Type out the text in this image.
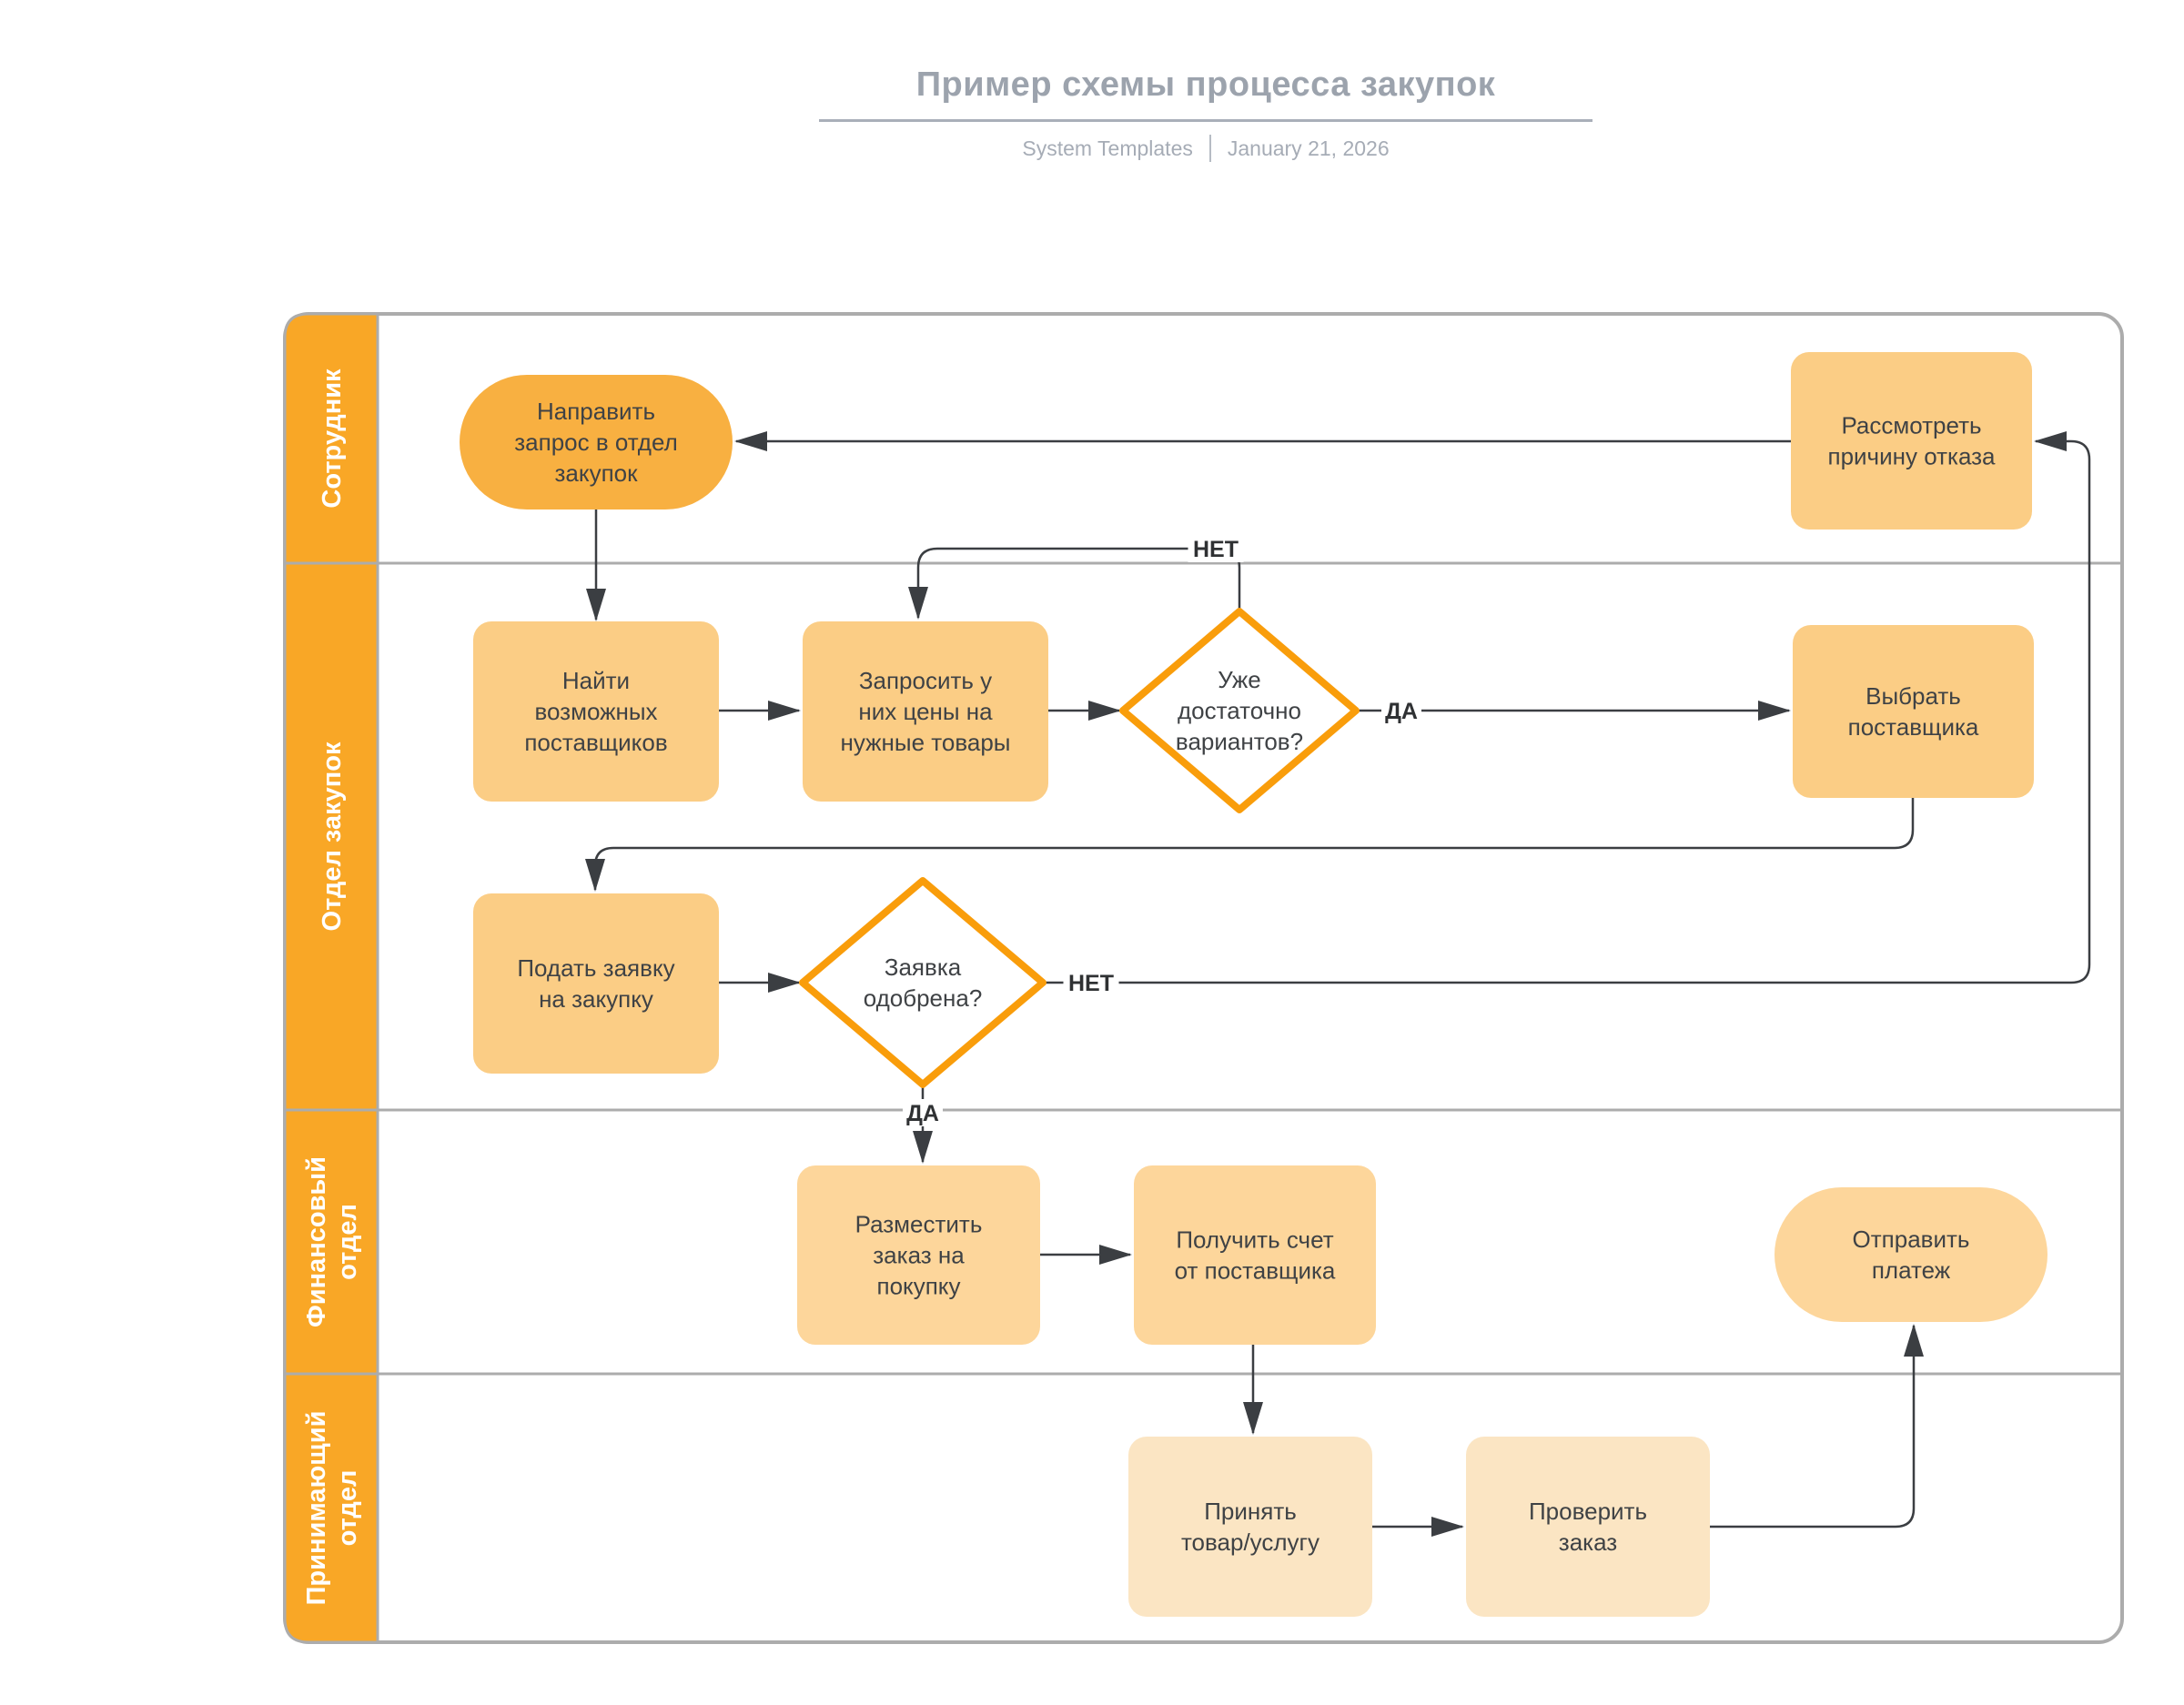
Пример схемы процесса закупок
System Templates January 21, 2026
Сотрудник
Отдел закупок
Финансовыйотдел
Принимающийотдел
Направить запрос в отдел закупок
Рассмотреть причину отказа
Найти возможных поставщиков
Запросить у них цены на нужные товары
Уже достаточно вариантов?
Выбрать поставщика
Подать заявку на закупку
Заявка одобрена?
Разместить заказ на покупку
Получить счет от поставщика
Отправить платеж
Принять товар/услугу
Проверить заказ
НЕТ
ДА
НЕТ
ДА
